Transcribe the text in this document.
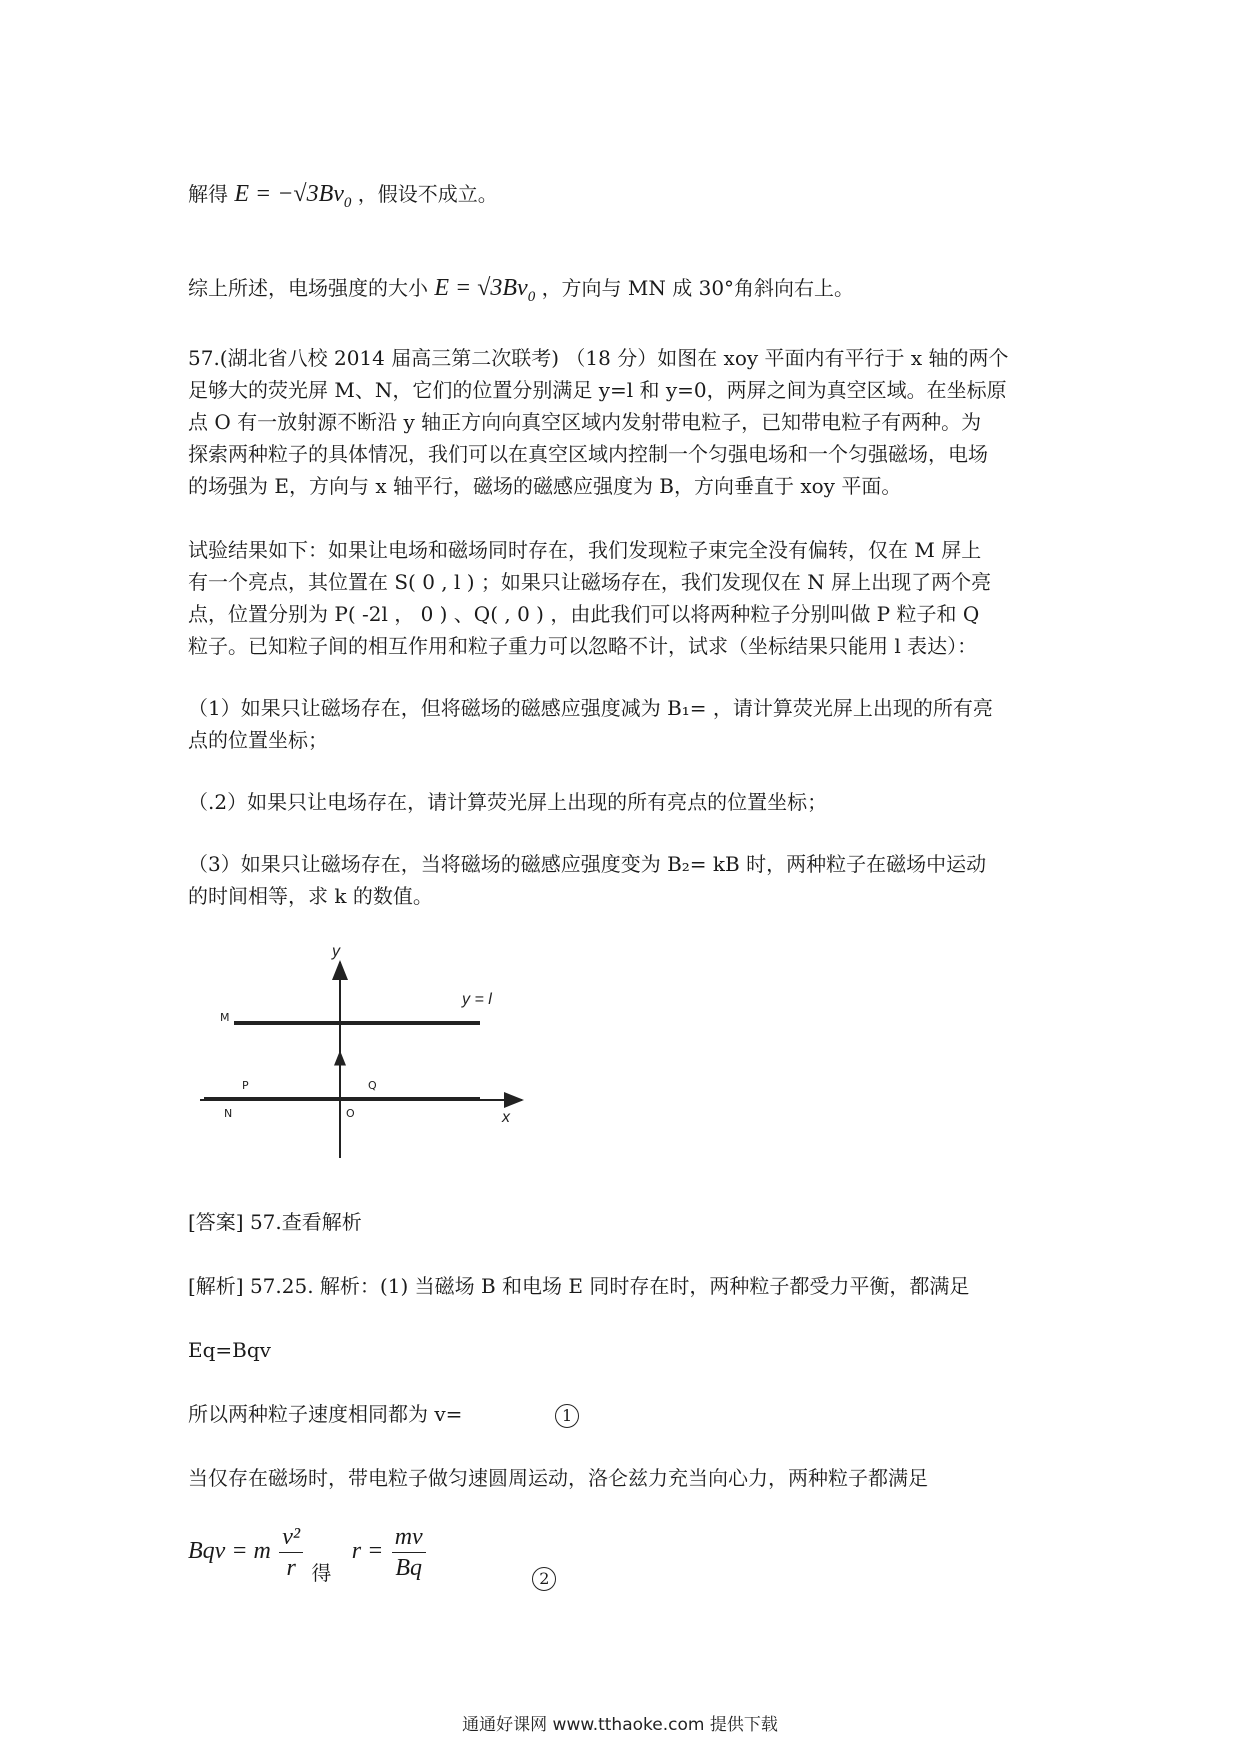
解得 $E = -√3Bv_0$ ，假设不成立。
综上所述，电场强度的大小 $E = √3Bv_0$ ，方向与 MN 成 30°角斜向右上。
57.(湖北省八校 2014 届高三第二次联考) （18 分）如图在 xoy 平面内有平行于 x 轴的两个
足够大的荧光屏 M、N，它们的位置分别满足 y=l 和 y=0，两屏之间为真空区域。在坐标原
点 O 有一放射源不断沿 y 轴正方向向真空区域内发射带电粒子，已知带电粒子有两种。为
探索两种粒子的具体情况，我们可以在真空区域内控制一个匀强电场和一个匀强磁场，电场
的场强为 E，方向与 x 轴平行，磁场的磁感应强度为 B，方向垂直于 xoy 平面。
试验结果如下：如果让电场和磁场同时存在，我们发现粒子束完全没有偏转，仅在 M 屏上
有一个亮点，其位置在 S( 0 , l ) ；如果只让磁场存在，我们发现仅在 N 屏上出现了两个亮
点，位置分别为 P( -2l ， 0 ) 、Q( , 0 ) ，由此我们可以将两种粒子分别叫做 P 粒子和 Q
粒子。已知粒子间的相互作用和粒子重力可以忽略不计，试求（坐标结果只能用 l 表达）：
（1）如果只让磁场存在，但将磁场的磁感应强度减为 B₁= ，请计算荧光屏上出现的所有亮
点的位置坐标；
（.2）如果只让电场存在，请计算荧光屏上出现的所有亮点的位置坐标；
（3）如果只让磁场存在，当将磁场的磁感应强度变为 B₂= kB 时，两种粒子在磁场中运动
的时间相等，求 k 的数值。
y
x
M
y = l
N
P	Q
O
[答案] 57.查看解析
[解析] 57.25. 解析：(1) 当磁场 B 和电场 E 同时存在时，两种粒子都受力平衡，都满足
Eq=Bqv
所以两种粒子速度相同都为 v=	1
当仅存在磁场时，带电粒子做匀速圆周运动，洛仑兹力充当向心力，两种粒子都满足
Bqv = m $\frac{\text{v²}}{r}$ 得 $r = \frac{mv}{Bq}$	2
通通好课网 www.tthaoke.com 提供下载
